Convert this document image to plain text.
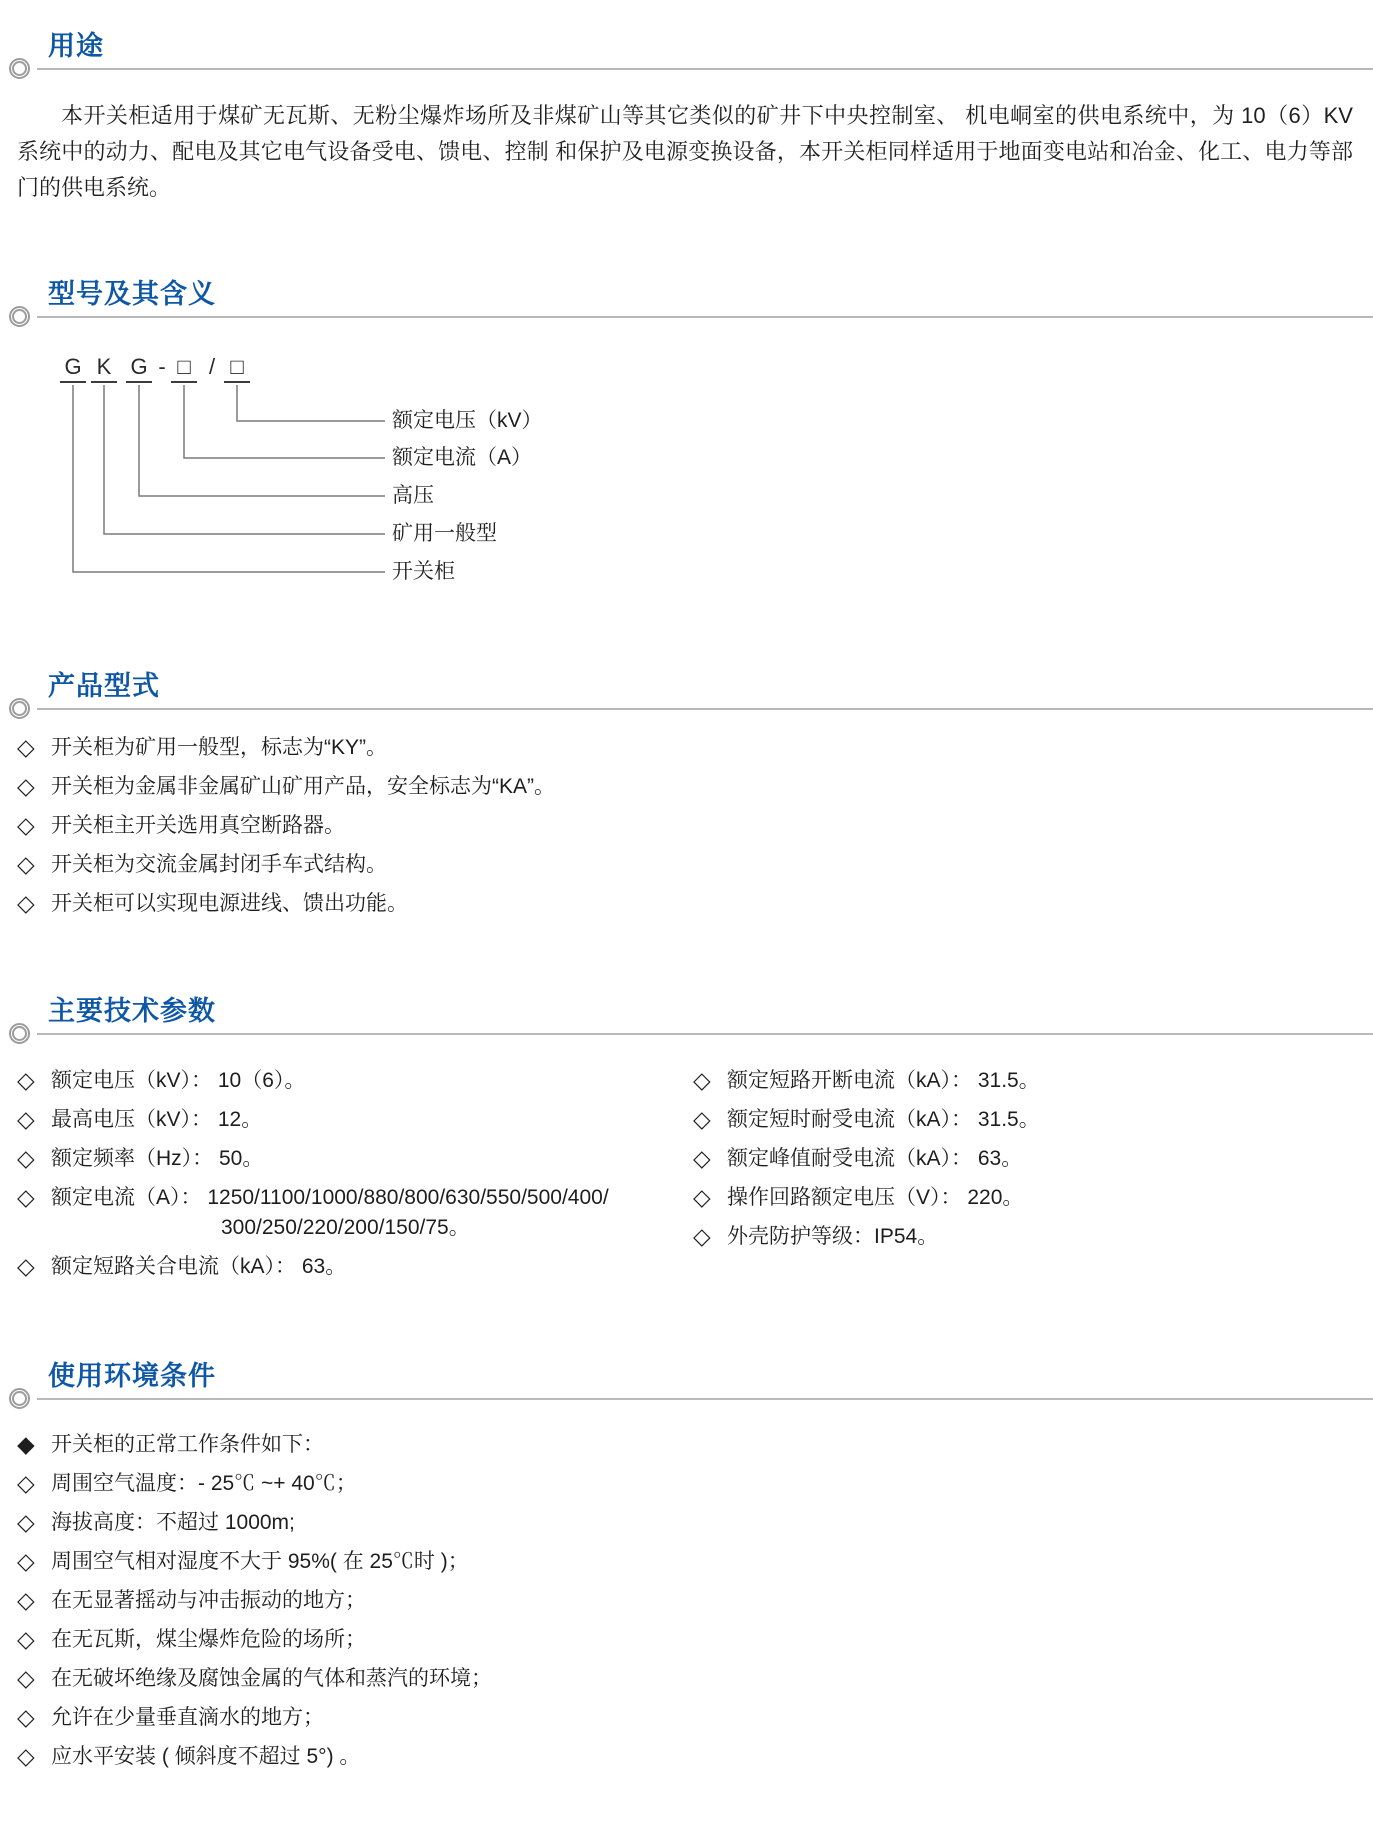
用途

本开关柜适用于煤矿无瓦斯、无粉尘爆炸场所及非煤矿山等其它类似的矿井下中央控制室、 机电峒室的供电系统中，为 10（6）KV 系统中的动力、配电及其它电气设备受电、馈电、控制 和保护及电源变换设备，本开关柜同样适用于地面变电站和冶金、化工、电力等部门的供电系统。

型号及其含义
G K G - □ / □
额定电压（kV）
额定电流（A）
高压
矿用一般型
开关柜
产品型式
◇ 开关柜为矿用一般型，标志为“KY”。
◇ 开关柜为金属非金属矿山矿用产品，安全标志为“KA”。
◇ 开关柜主开关选用真空断路器。
◇ 开关柜为交流金属封闭手车式结构。
◇ 开关柜可以实现电源进线、馈出功能。
主要技术参数
◇ 额定电压（kV）： 10（6）。
◇ 最高电压（kV）： 12。
◇ 额定频率（Hz）： 50。
◇ 额定电流（A）： 1250/1100/1000/880/800/630/550/500/400/
300/250/220/200/150/75。
◇ 额定短路关合电流（kA）： 63。
◇ 额定短路开断电流（kA）： 31.5。
◇ 额定短时耐受电流（kA）： 31.5。
◇ 额定峰值耐受电流（kA）： 63。
◇ 操作回路额定电压（V）： 220。
◇ 外壳防护等级：IP54。
使用环境条件
◆ 开关柜的正常工作条件如下：
◇ 周围空气温度：- 25℃ ~+ 40℃；
◇ 海拔高度：不超过 1000m;
◇ 周围空气相对湿度不大于 95%( 在 25℃时 )；
◇ 在无显著摇动与冲击振动的地方；
◇ 在无瓦斯，煤尘爆炸危险的场所；
◇ 在无破坏绝缘及腐蚀金属的气体和蒸汽的环境；
◇ 允许在少量垂直滴水的地方；
◇ 应水平安装 ( 倾斜度不超过 5°) 。
